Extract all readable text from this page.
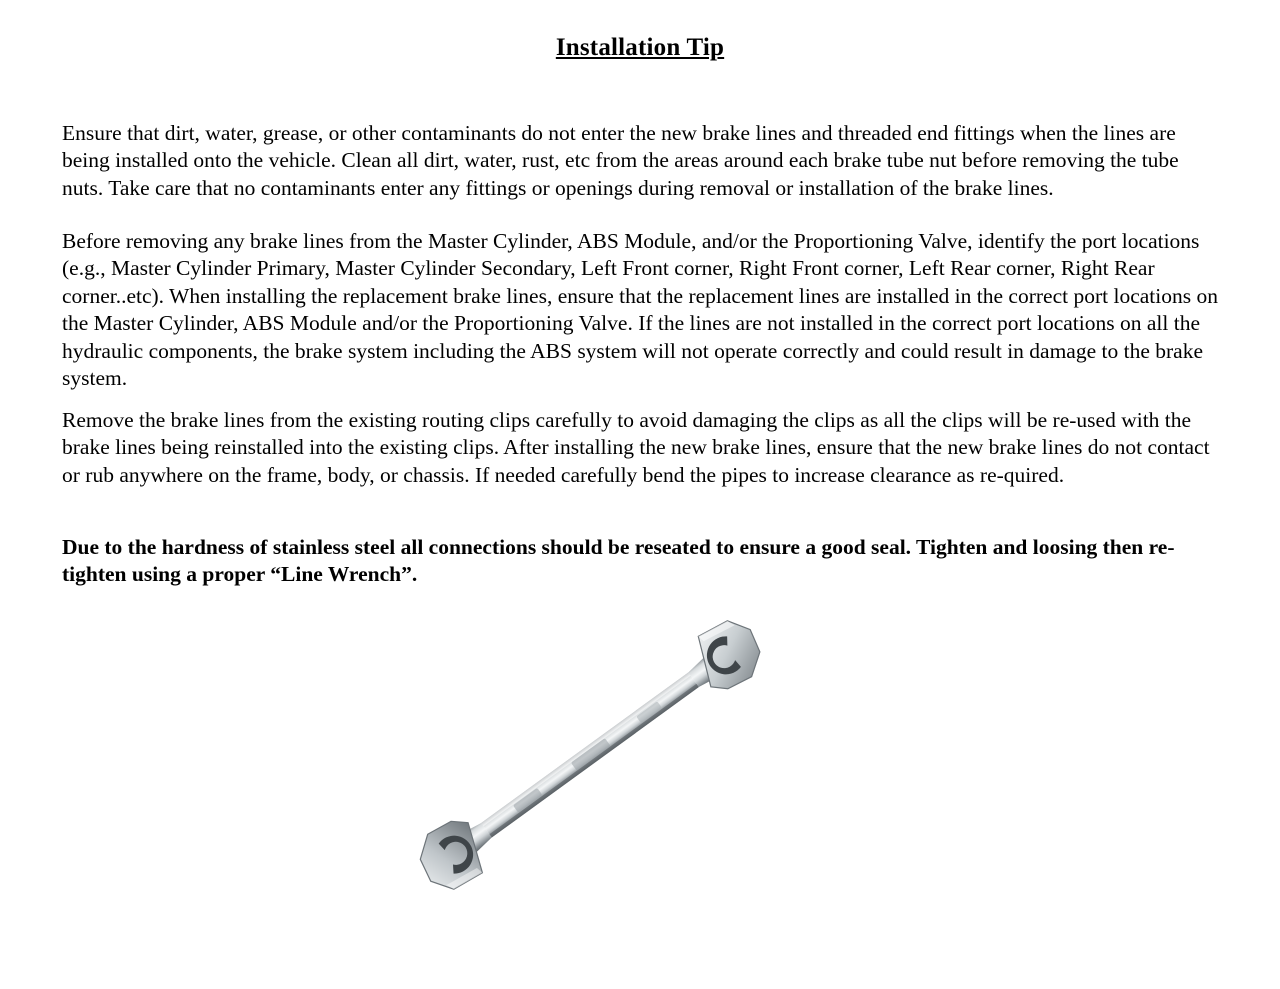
Installation Tip

Ensure that dirt, water, grease, or other contaminants do not enter the new brake lines and threaded end fittings when the lines are being installed onto the vehicle. Clean all dirt, water, rust, etc from the areas around each brake tube nut before removing the tube nuts. Take care that no contaminants enter any fittings or openings during removal or installation of the brake lines.

Before removing any brake lines from the Master Cylinder, ABS Module, and/or the Proportioning Valve, identify the port locations (e.g., Master Cylinder Primary, Master Cylinder Secondary, Left Front corner, Right Front corner, Left Rear corner, Right Rear corner..etc). When installing the replacement brake lines, ensure that the replacement lines are installed in the correct port locations on the Master Cylinder, ABS Module and/or the Proportioning Valve. If the lines are not installed in the correct port locations on all the hydraulic components, the brake system including the ABS system will not operate correctly and could result in damage to the brake system.

Remove the brake lines from the existing routing clips carefully to avoid damaging the clips as all the clips will be re-used with the brake lines being reinstalled into the existing clips. After installing the new brake lines, ensure that the new brake lines do not contact or rub anywhere on the frame, body, or chassis. If needed carefully bend the pipes to increase clearance as re-quired.

Due to the hardness of stainless steel all connections should be reseated to ensure a good seal. Tighten and loosing then re-tighten using a proper “Line Wrench”.
